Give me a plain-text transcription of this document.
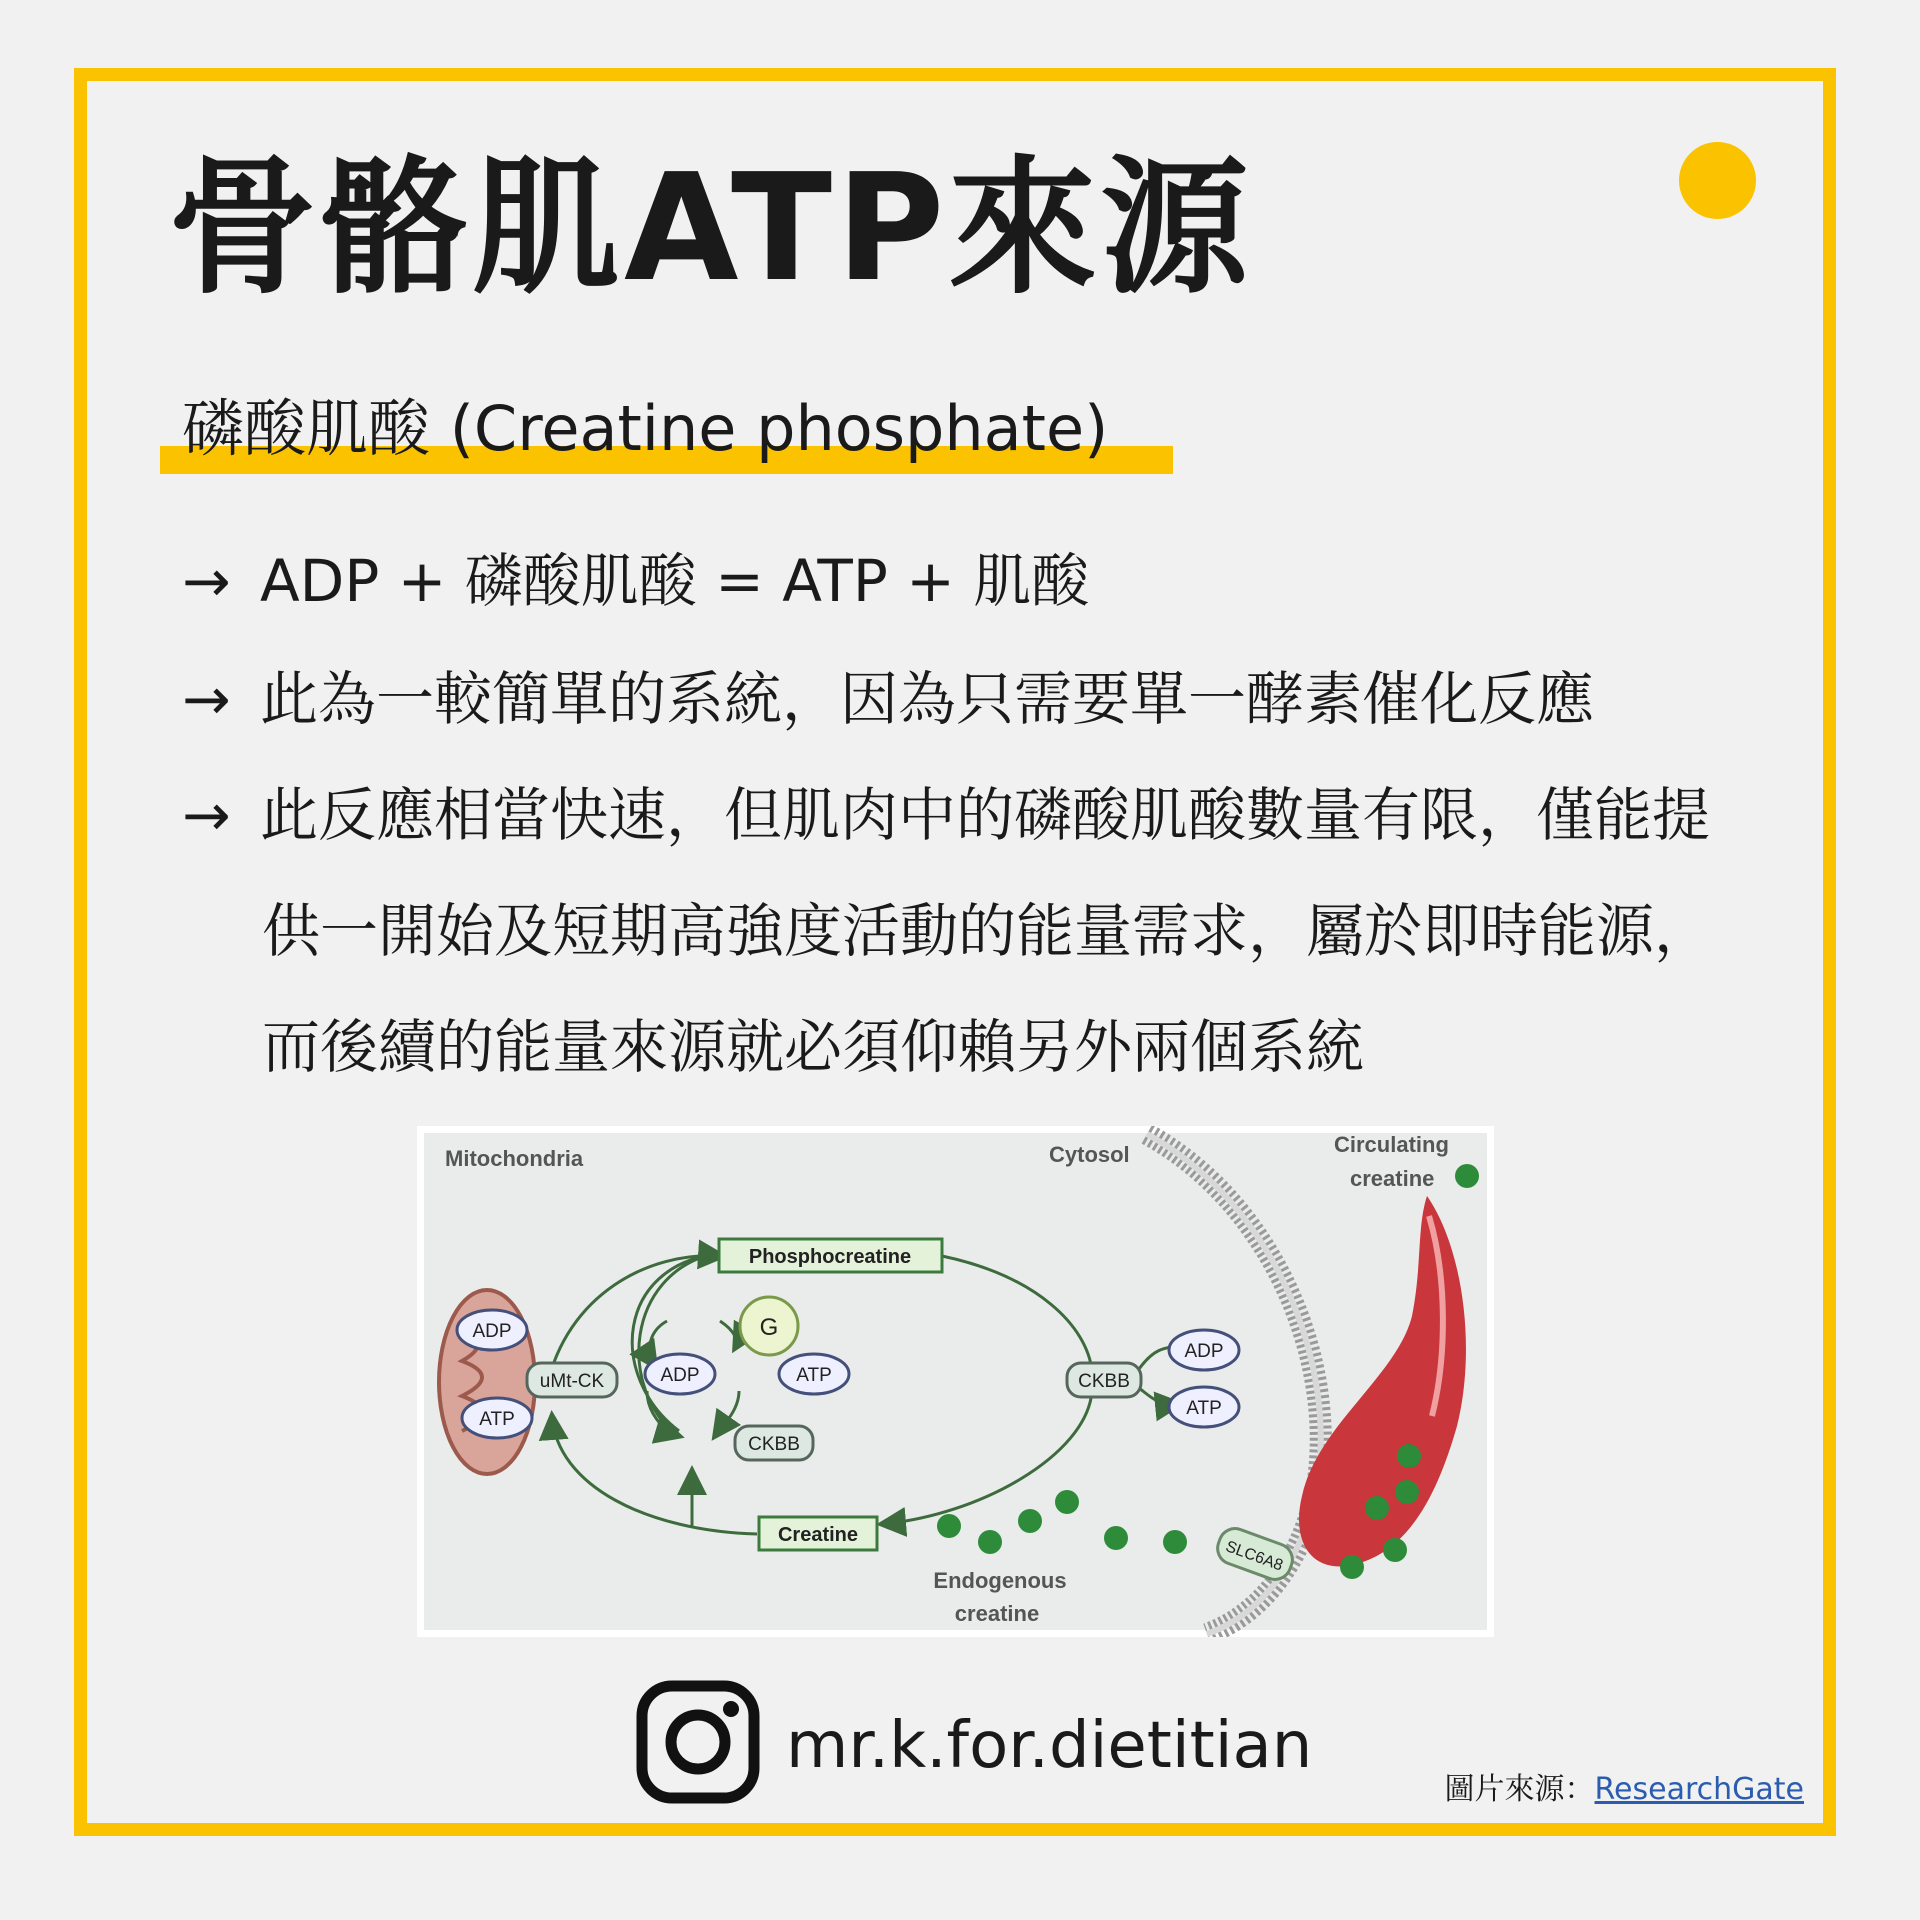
骨骼肌ATP來源
磷酸肌酸 (Creatine phosphate)
→ ADP + 磷酸肌酸 = ATP + 肌酸
→ 此為一較簡單的系統，因為只需要單一酵素催化反應
→ 此反應相當快速，但肌肉中的磷酸肌酸數量有限，僅能提
供一開始及短期高強度活動的能量需求，屬於即時能源，
而後續的能量來源就必須仰賴另外兩個系統
Mitochondria	Cytosol	Circulating
creatine
Phosphocreatine
Creatine
G
ADP	ATP
CKBB
ADP
ATP
uMt-CK	CKBB
ADP
ATP
Endogenous
creatine
SLC6A8
mr.k.for.dietitian
圖片來源：ResearchGate
